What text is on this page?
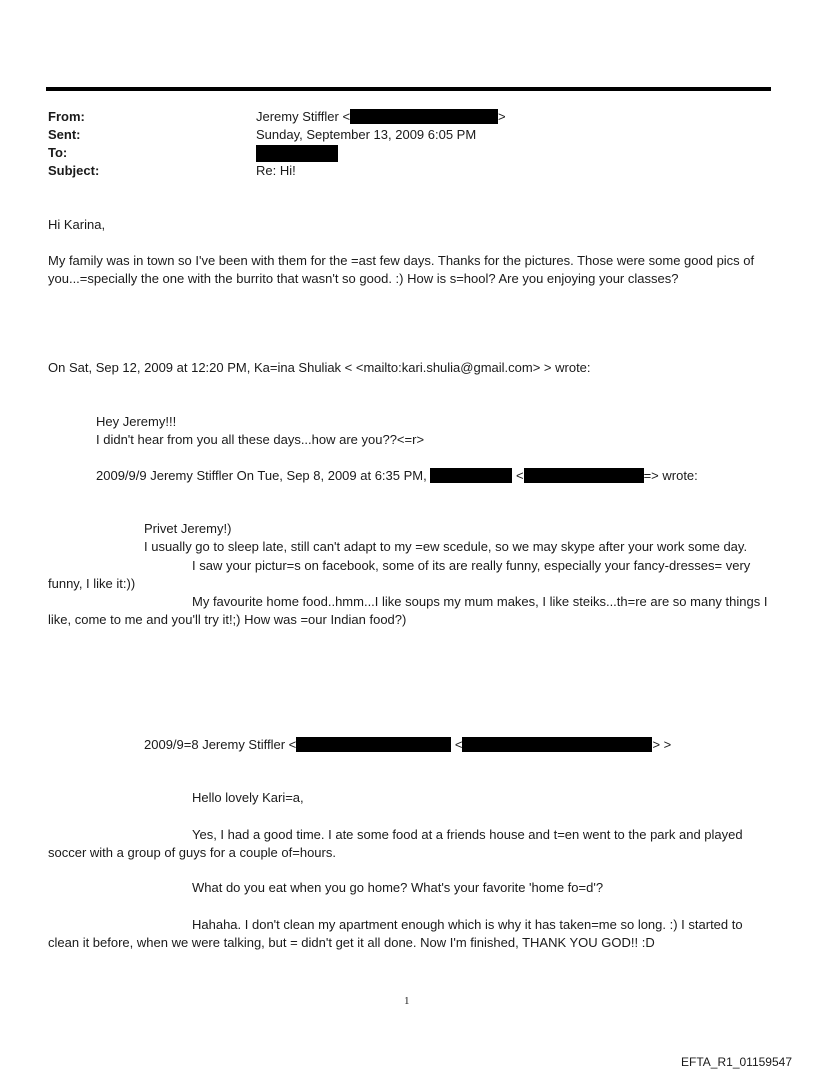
From:	Jeremy Stiffler <	>
Sent:	Sunday, September 13, 2009 6:05 PM
To:
Subject:	Re: Hi!
Hi Karina,
My family was in town so I've been with them for the =ast few days. Thanks for the pictures. Those were some good pics of you...=specially the one with the burrito that wasn't so good. :) How is s=hool? Are you enjoying your classes?
On Sat, Sep 12, 2009 at 12:20 PM, Ka=ina Shuliak < <mailto:kari.shulia@gmail.com> > wrote:
Hey Jeremy!!!
I didn't hear from you all these days...how are you??<=r>
2009/9/9 Jeremy Stiffler On Tue, Sep 8, 2009 at 6:35 PM,	<	=> wrote:
Privet Jeremy!)
I usually go to sleep late, still can't adapt to my =ew scedule, so we may skype after your work some day.
I saw your pictur=s on facebook, some of its are really funny, especially your fancy-dresses= very funny, I like it:))
My favourite home food..hmm...I like soups my mum makes, I like steiks...th=re are so many things I like, come to me and you'll try it!;) How was =our Indian food?)
2009/9=8 Jeremy Stiffler <	<	> >
Hello lovely Kari=a,
Yes, I had a good time. I ate some food at a friends house and t=en went to the park and played soccer with a group of guys for a couple of=hours.
What do you eat when you go home? What's your favorite 'home fo=d'?
Hahaha. I don't clean my apartment enough which is why it has taken=me so long. :) I started to clean it before, when we were talking, but = didn't get it all done. Now I'm finished, THANK YOU GOD!! :D
1
EFTA_R1_01159547
